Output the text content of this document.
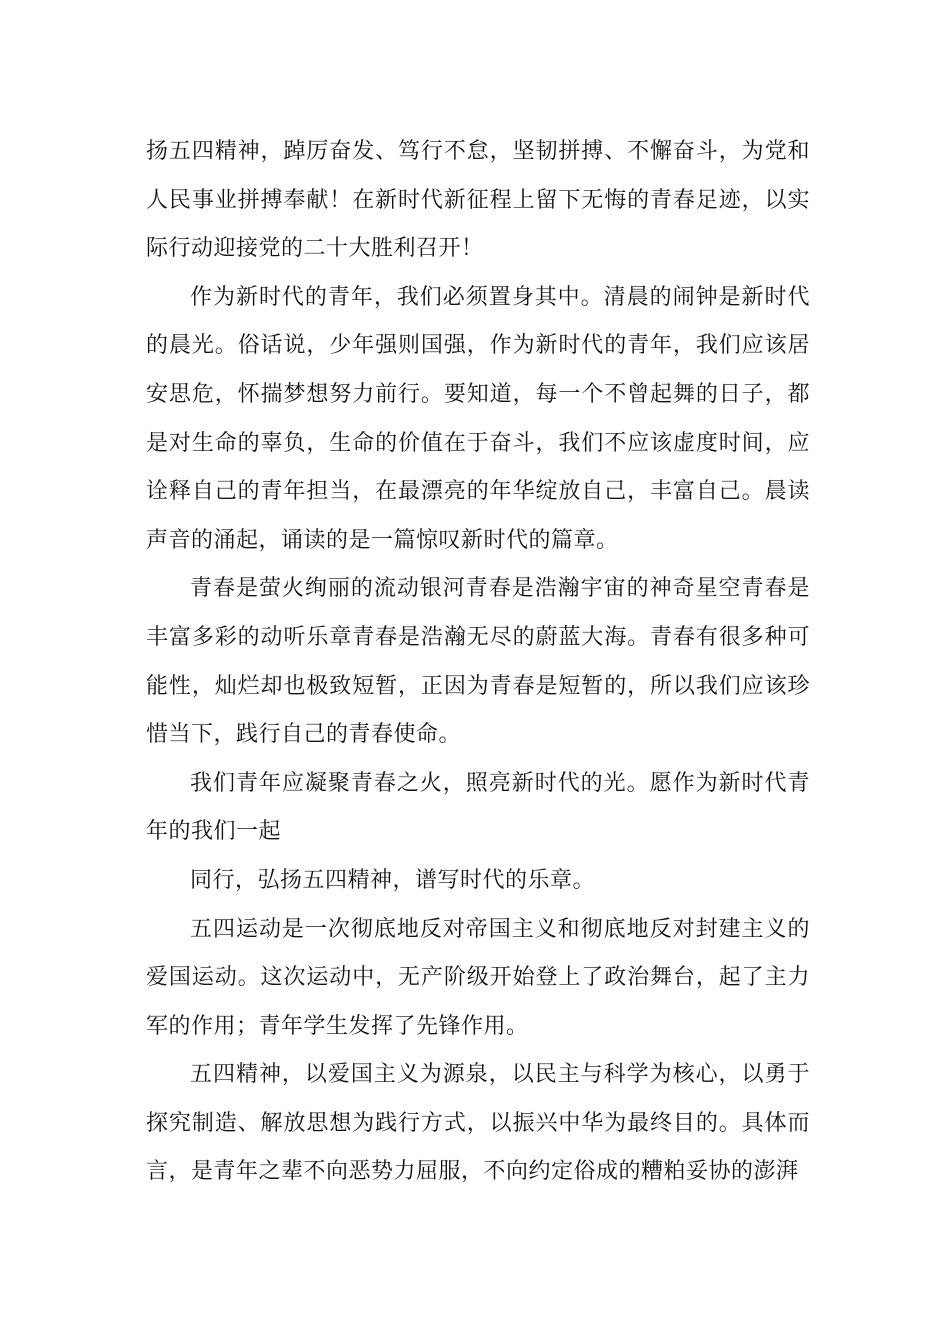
扬五四精神，踔厉奋发、笃行不怠，坚韧拼搏、不懈奋斗，为党和人民事业拼搏奉献！在新时代新征程上留下无悔的青春足迹，以实际行动迎接党的二十大胜利召开！

作为新时代的青年，我们必须置身其中。清晨的闹钟是新时代的晨光。俗话说，少年强则国强，作为新时代的青年，我们应该居安思危，怀揣梦想努力前行。要知道，每一个不曾起舞的日子，都是对生命的辜负，生命的价值在于奋斗，我们不应该虚度时间，应诠释自己的青年担当，在最漂亮的年华绽放自己，丰富自己。晨读声音的涌起，诵读的是一篇惊叹新时代的篇章。

青春是萤火绚丽的流动银河青春是浩瀚宇宙的神奇星空青春是丰富多彩的动听乐章青春是浩瀚无尽的蔚蓝大海。青春有很多种可能性，灿烂却也极致短暂，正因为青春是短暂的，所以我们应该珍惜当下，践行自己的青春使命。

我们青年应凝聚青春之火，照亮新时代的光。愿作为新时代青年的我们一起

同行，弘扬五四精神，谱写时代的乐章。

五四运动是一次彻底地反对帝国主义和彻底地反对封建主义的爱国运动。这次运动中，无产阶级开始登上了政治舞台，起了主力军的作用；青年学生发挥了先锋作用。

五四精神，以爱国主义为源泉，以民主与科学为核心，以勇于探究制造、解放思想为践行方式，以振兴中华为最终目的。具体而言，是青年之辈不向恶势力屈服，不向约定俗成的糟粕妥协的澎湃
